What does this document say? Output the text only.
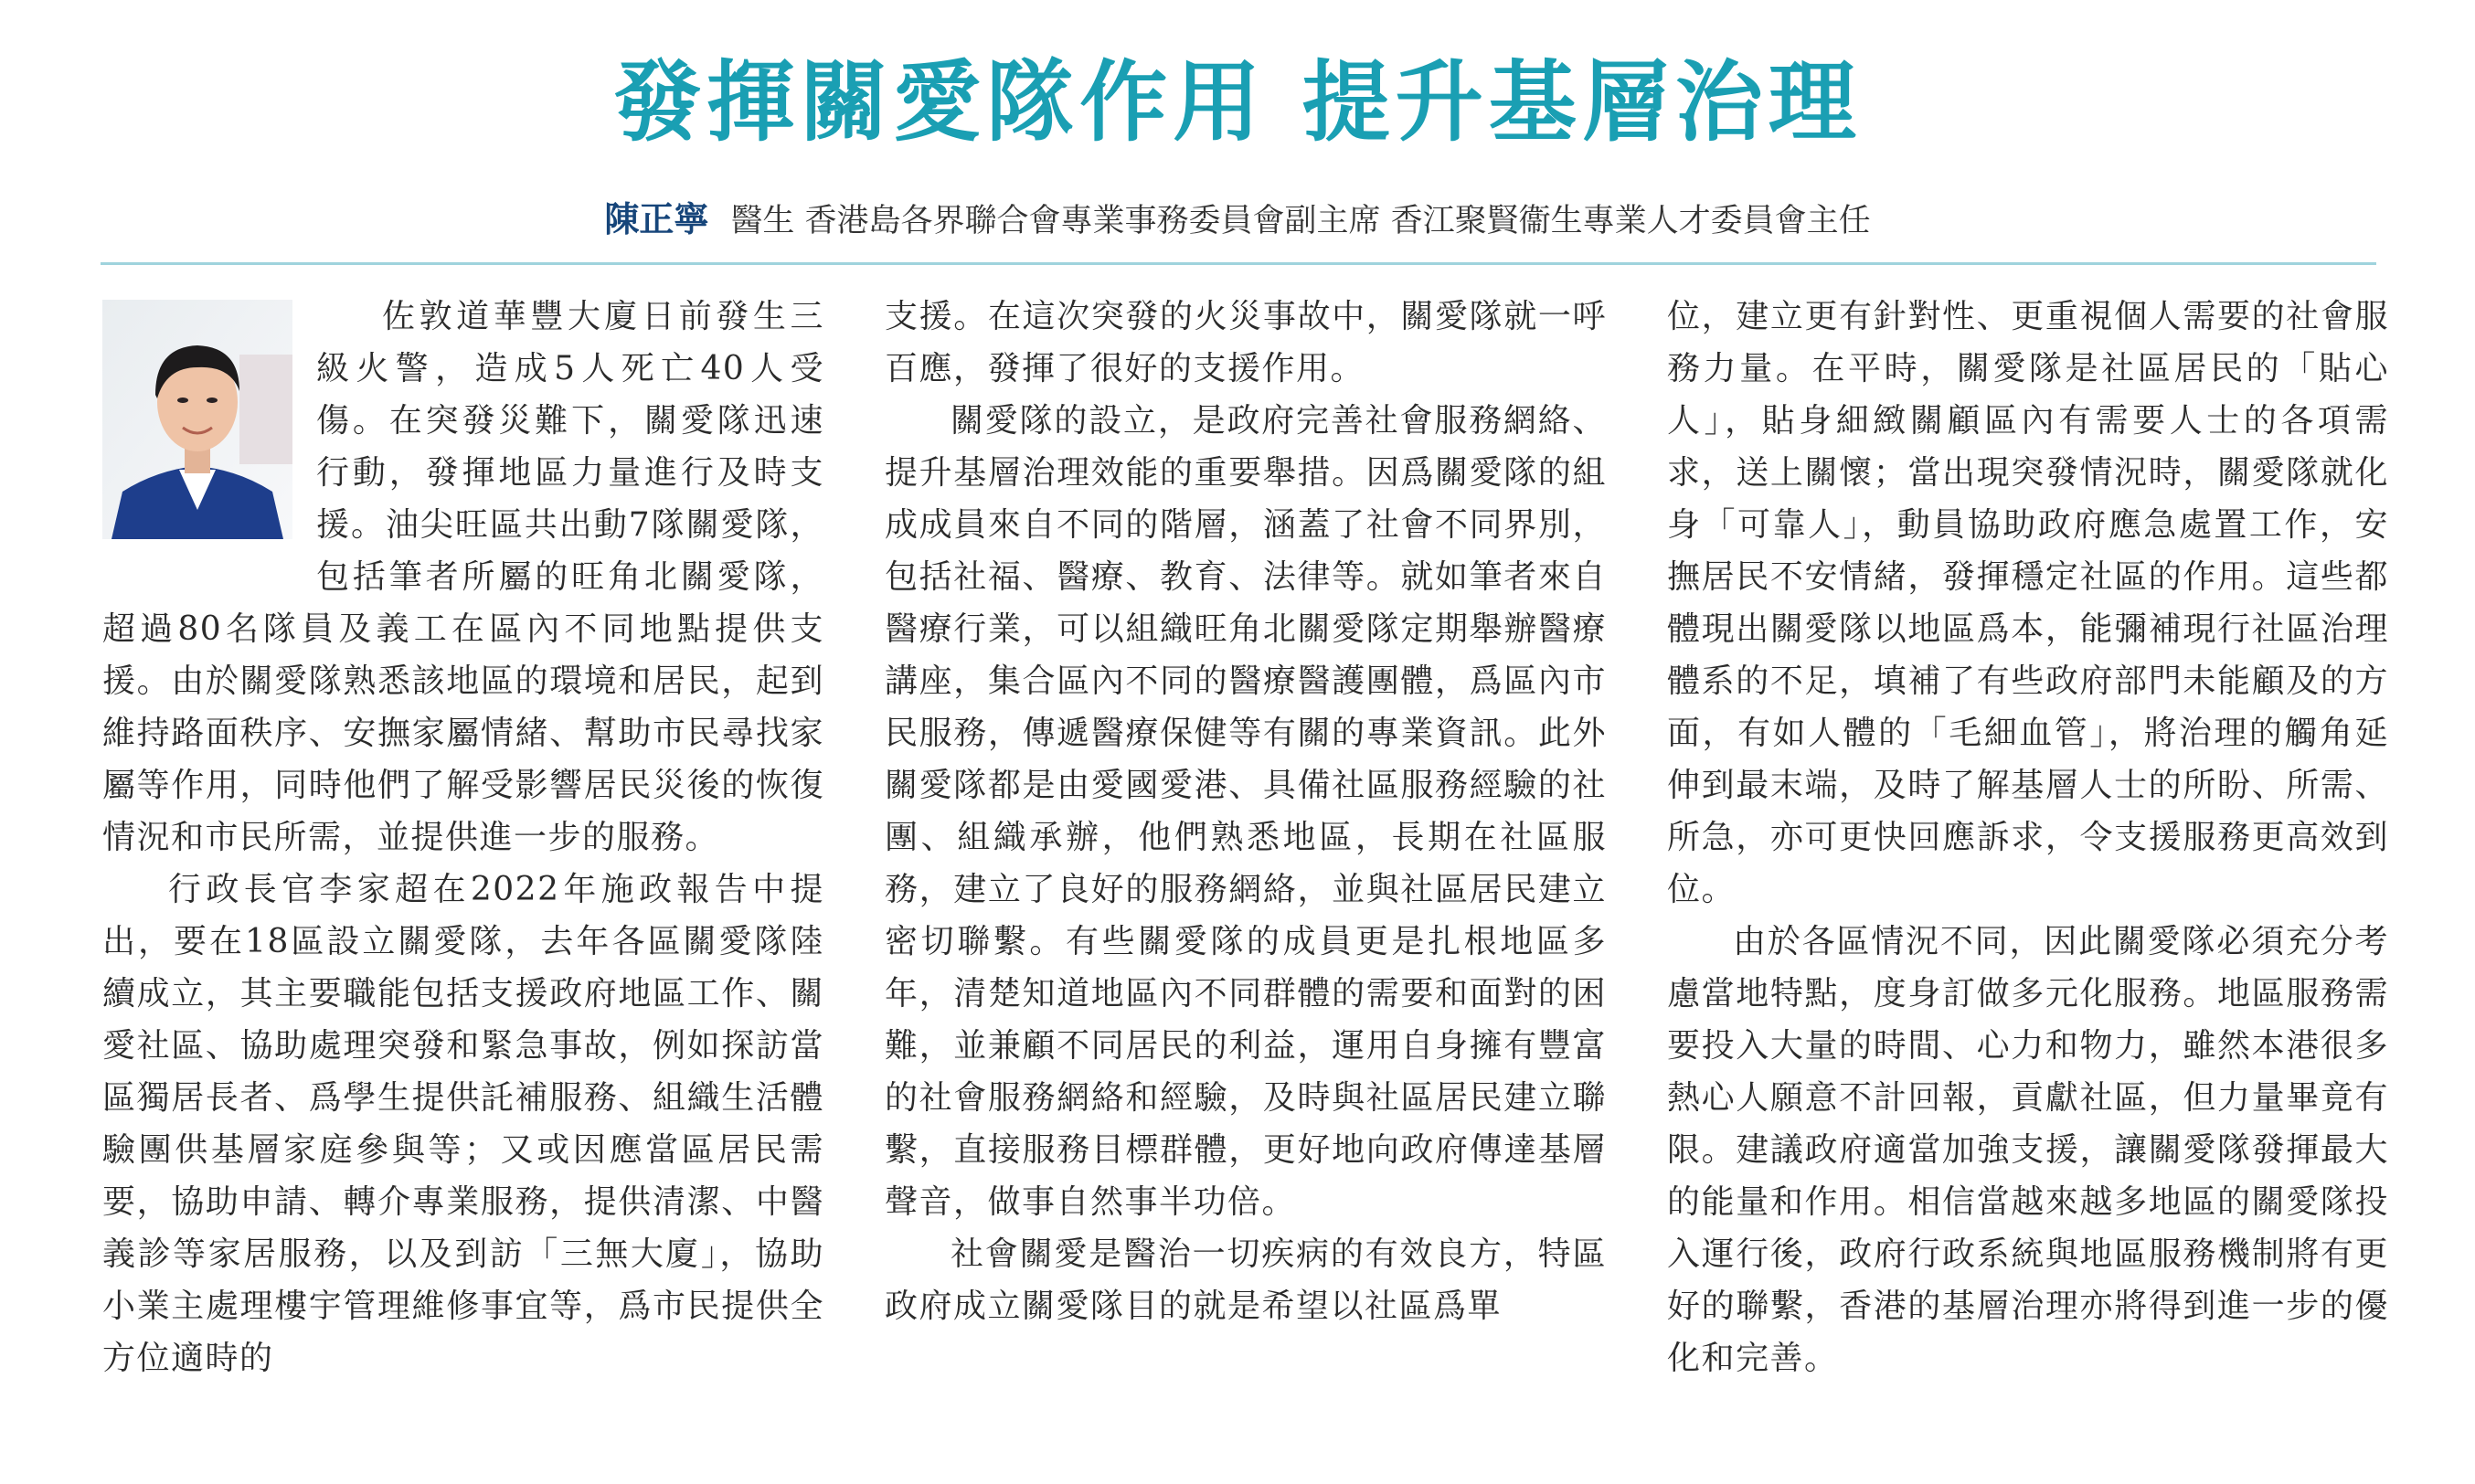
發揮關愛隊作用 提升基層治理
陳正寧 醫生 香港島各界聯合會專業事務委員會副主席 香江聚賢衞生專業人才委員會主任

佐敦道華豐大廈日前發生三級火警，造成5人死亡40人受傷。在突發災難下，關愛隊迅速行動，發揮地區力量進行及時支援。油尖旺區共出動7隊關愛隊，包括筆者所屬的旺角北關愛隊，超過80名隊員及義工在區內不同地點提供支援。由於關愛隊熟悉該地區的環境和居民，起到維持路面秩序、安撫家屬情緒、幫助市民尋找家屬等作用，同時他們了解受影響居民災後的恢復情況和市民所需，並提供進一步的服務。

行政長官李家超在2022年施政報告中提出，要在18區設立關愛隊，去年各區關愛隊陸續成立，其主要職能包括支援政府地區工作、關愛社區、協助處理突發和緊急事故，例如探訪當區獨居長者、爲學生提供託補服務、組織生活體驗團供基層家庭參與等；又或因應當區居民需要，協助申請、轉介專業服務，提供清潔、中醫義診等家居服務，以及到訪「三無大廈」，協助小業主處理樓宇管理維修事宜等，爲市民提供全方位適時的

支援。在這次突發的火災事故中，關愛隊就一呼百應，發揮了很好的支援作用。

關愛隊的設立，是政府完善社會服務網絡、提升基層治理效能的重要舉措。因爲關愛隊的組成成員來自不同的階層，涵蓋了社會不同界別，包括社福、醫療、教育、法律等。就如筆者來自醫療行業，可以組織旺角北關愛隊定期舉辦醫療講座，集合區內不同的醫療醫護團體，爲區內市民服務，傳遞醫療保健等有關的專業資訊。此外關愛隊都是由愛國愛港、具備社區服務經驗的社團、組織承辦，他們熟悉地區，長期在社區服務，建立了良好的服務網絡，並與社區居民建立密切聯繫。有些關愛隊的成員更是扎根地區多年，清楚知道地區內不同群體的需要和面對的困難，並兼顧不同居民的利益，運用自身擁有豐富的社會服務網絡和經驗，及時與社區居民建立聯繫，直接服務目標群體，更好地向政府傳達基層聲音，做事自然事半功倍。

社會關愛是醫治一切疾病的有效良方，特區政府成立關愛隊目的就是希望以社區爲單

位，建立更有針對性、更重視個人需要的社會服務力量。在平時，關愛隊是社區居民的「貼心人」，貼身細緻關顧區內有需要人士的各項需求，送上關懷；當出現突發情況時，關愛隊就化身「可靠人」，動員協助政府應急處置工作，安撫居民不安情緒，發揮穩定社區的作用。這些都體現出關愛隊以地區爲本，能彌補現行社區治理體系的不足，填補了有些政府部門未能顧及的方面，有如人體的「毛細血管」，將治理的觸角延伸到最末端，及時了解基層人士的所盼、所需、所急，亦可更快回應訴求，令支援服務更高效到位。

由於各區情況不同，因此關愛隊必須充分考慮當地特點，度身訂做多元化服務。地區服務需要投入大量的時間、心力和物力，雖然本港很多熱心人願意不計回報，貢獻社區，但力量畢竟有限。建議政府適當加強支援，讓關愛隊發揮最大的能量和作用。相信當越來越多地區的關愛隊投入運行後，政府行政系統與地區服務機制將有更好的聯繫，香港的基層治理亦將得到進一步的優化和完善。
